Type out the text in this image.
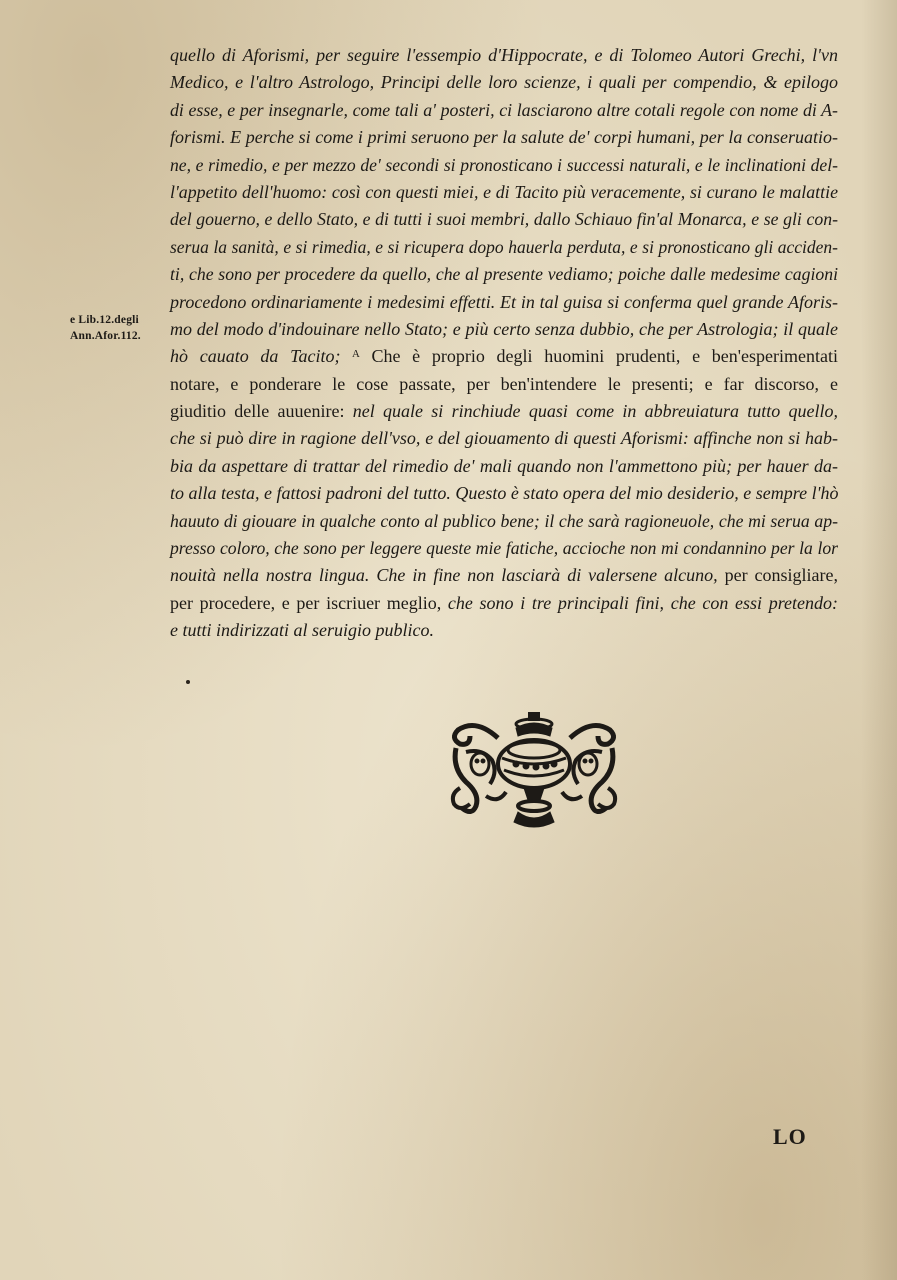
e Lib.12.degli
Ann.Afor.112.
quello di Aforismi, per seguire l'essempio d'Hippocrate, e di Tolomeo Autori Grechi, l'vn
Medico, e l'altro Astrologo, Principi delle loro scienze, i quali per compendio, & epilogo
di esse, e per insegnarle, come tali a' posteri, ci lasciarono altre cotali regole con nome di A-
forismi. E perche si come i primi seruono per la salute de' corpi humani, per la conseruatio-
ne, e rimedio, e per mezzo de' secondi si pronosticano i successi naturali, e le inclinationi del-
l'appetito dell'huomo: così con questi miei, e di Tacito più veracemente, si curano le malattie
del gouerno, e dello Stato, e di tutti i suoi membri, dallo Schiauo fin'al Monarca, e se gli con-
serua la sanità, e si rimedia, e si ricupera dopo hauerla perduta, e si pronosticano gli acciden-
ti, che sono per procedere da quello, che al presente vediamo; poiche dalle medesime cagioni
procedono ordinariamente i medesimi effetti. Et in tal guisa si conferma quel grande Aforis-
mo del modo d'indouinare nello Stato; e più certo senza dubbio, che per Astrologia; il quale
hò cauato da Tacito; ᴬ Che è proprio degli huomini prudenti, e ben'esperimentati
notare, e ponderare le cose passate, per ben'intendere le presenti; e far discorso, e
giuditio delle auuenire: nel quale si rinchiude quasi come in abbreuiatura tutto quello,
che si può dire in ragione dell'vso, e del giouamento di questi Aforismi: affinche non si hab-
bia da aspettare di trattar del rimedio de' mali quando non l'ammettono più; per hauer da-
to alla testa, e fattosi padroni del tutto. Questo è stato opera del mio desiderio, e sempre l'hò
hauuto di giouare in qualche conto al publico bene; il che sarà ragioneuole, che mi serua ap-
presso coloro, che sono per leggere queste mie fatiche, accioche non mi condannino per la lor
nouità nella nostra lingua. Che in fine non lasciarà di valersene alcuno, per consigliare,
per procedere, e per iscriuer meglio, che sono i tre principali fini, che con essi pretendo:
e tutti indirizzati al seruigio publico.
LO
